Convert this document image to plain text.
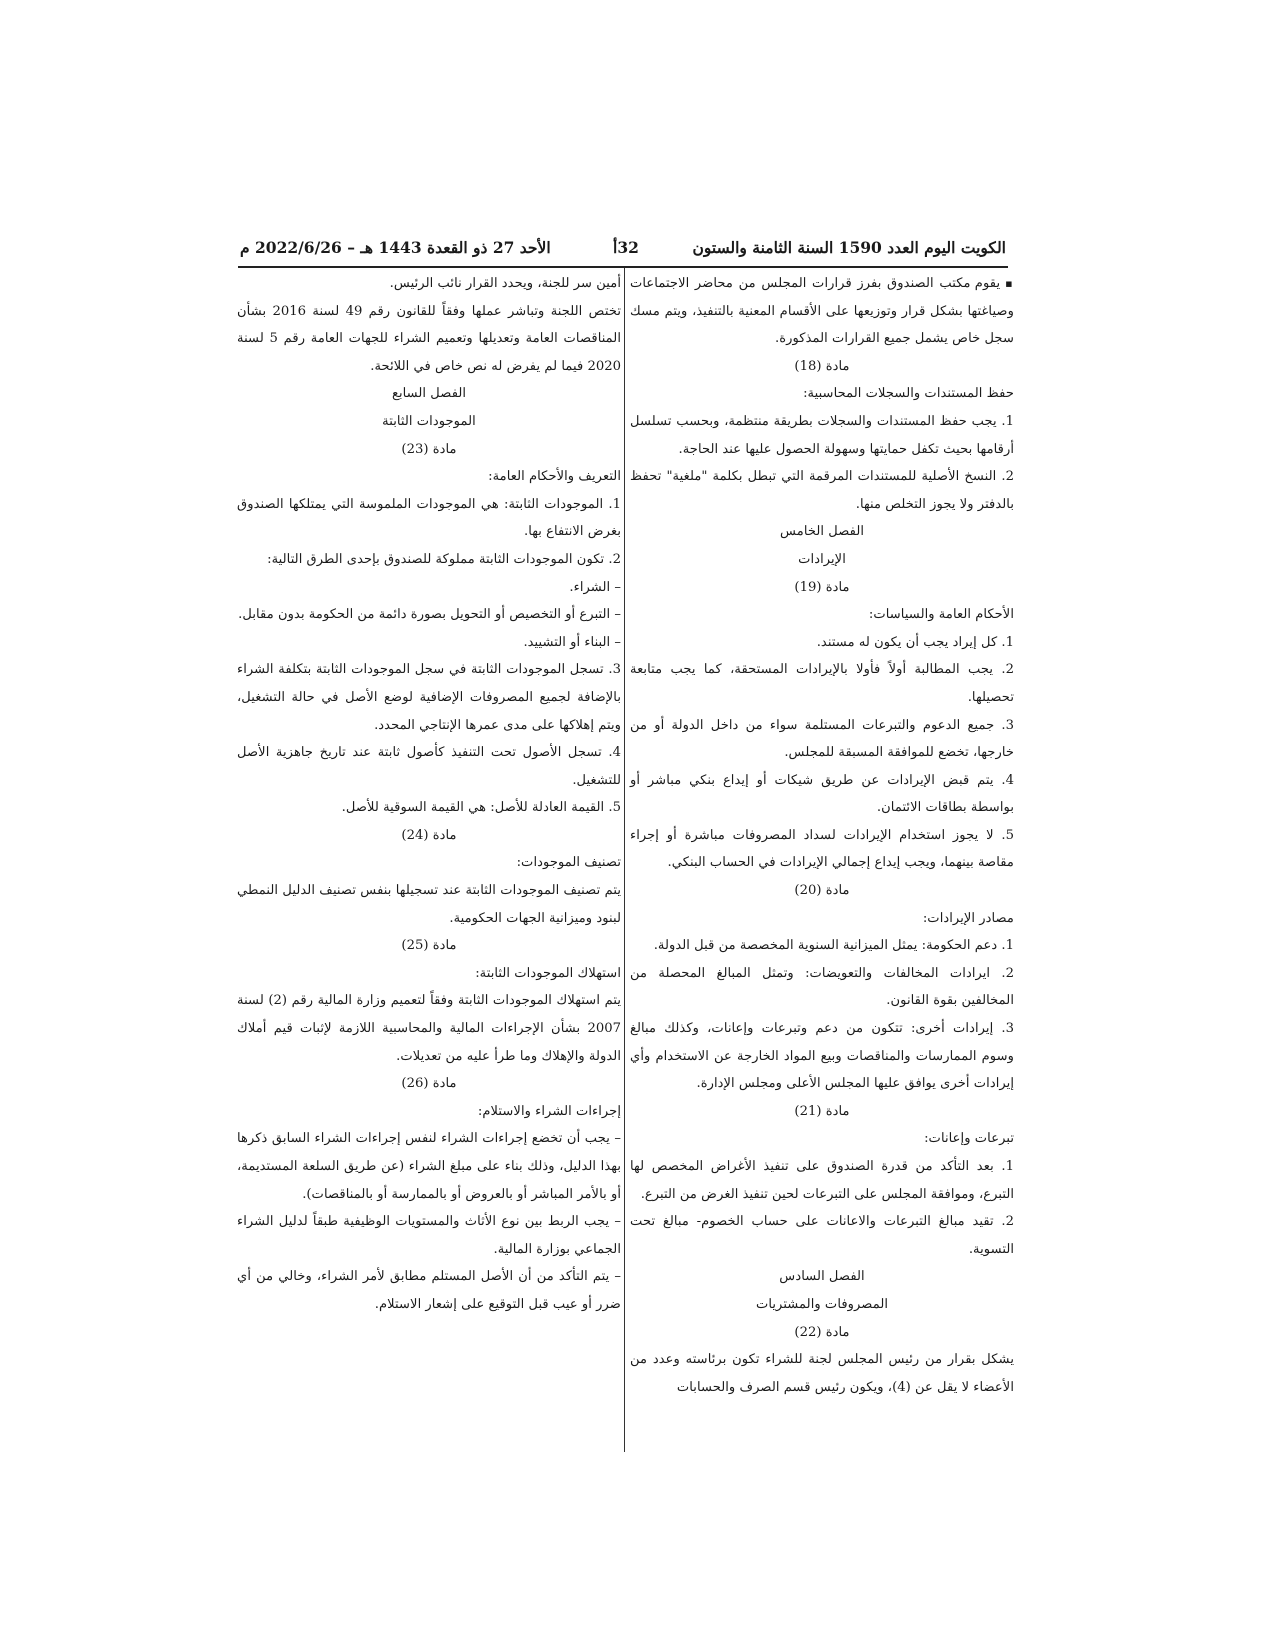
الكويت اليوم العدد 1590 السنة الثامنة والستون
32أ
الأحد 27 ذو القعدة 1443 هـ – 2022/6/26 م

▪ يقوم مكتب الصندوق بفرز قرارات المجلس من محاضر الاجتماعات وصياغتها بشكل قرار وتوزيعها على الأقسام المعنية بالتنفيذ، ويتم مسك سجل خاص يشمل جميع القرارات المذكورة.

مادة (18)

حفظ المستندات والسجلات المحاسبية:

1. يجب حفظ المستندات والسجلات بطريقة منتظمة، وبحسب تسلسل أرقامها بحيث تكفل حمايتها وسهولة الحصول عليها عند الحاجة.

2. النسخ الأصلية للمستندات المرقمة التي تبطل بكلمة "ملغية" تحفظ بالدفتر ولا يجوز التخلص منها.

الفصل الخامس

الإيرادات

مادة (19)

الأحكام العامة والسياسات:

1. كل إيراد يجب أن يكون له مستند.

2. يجب المطالبة أولاً فأولا بالإيرادات المستحقة، كما يجب متابعة تحصيلها.

3. جميع الدعوم والتبرعات المستلمة سواء من داخل الدولة أو من خارجها، تخضع للموافقة المسبقة للمجلس.

4. يتم قبض الإيرادات عن طريق شيكات أو إيداع بنكي مباشر أو بواسطة بطاقات الائتمان.

5. لا يجوز استخدام الإيرادات لسداد المصروفات مباشرة أو إجراء مقاصة بينهما، ويجب إيداع إجمالي الإيرادات في الحساب البنكي.

مادة (20)

مصادر الإيرادات:

1. دعم الحكومة: يمثل الميزانية السنوية المخصصة من قبل الدولة.

2. ايرادات المخالفات والتعويضات: وتمثل المبالغ المحصلة من المخالفين بقوة القانون.

3. إيرادات أخرى: تتكون من دعم وتبرعات وإعانات، وكذلك مبالغ وسوم الممارسات والمناقصات وبيع المواد الخارجة عن الاستخدام وأي إيرادات أخرى يوافق عليها المجلس الأعلى ومجلس الإدارة.

مادة (21)

تبرعات وإعانات:

1. بعد التأكد من قدرة الصندوق على تنفيذ الأغراض المخصص لها التبرع، وموافقة المجلس على التبرعات لحين تنفيذ الغرض من التبرع.

2. تقيد مبالغ التبرعات والاعانات على حساب الخصوم- مبالغ تحت التسوية.

الفصل السادس

المصروفات والمشتريات

مادة (22)

يشكل بقرار من رئيس المجلس لجنة للشراء تكون برئاسته وعدد من الأعضاء لا يقل عن (4)، ويكون رئيس قسم الصرف والحسابات

أمين سر للجنة، ويحدد القرار نائب الرئيس.

تختص اللجنة وتباشر عملها وفقاً للقانون رقم 49 لسنة 2016 بشأن المناقصات العامة وتعديلها وتعميم الشراء للجهات العامة رقم 5 لسنة 2020 فيما لم يفرض له نص خاص في اللائحة.

الفصل السابع

الموجودات الثابتة

مادة (23)

التعريف والأحكام العامة:

1. الموجودات الثابتة: هي الموجودات الملموسة التي يمتلكها الصندوق بغرض الانتفاع بها.

2. تكون الموجودات الثابتة مملوكة للصندوق بإحدى الطرق التالية:

– الشراء.

– التبرع أو التخصيص أو التحويل بصورة دائمة من الحكومة بدون مقابل.

– البناء أو التشييد.

3. تسجل الموجودات الثابتة في سجل الموجودات الثابتة بتكلفة الشراء بالإضافة لجميع المصروفات الإضافية لوضع الأصل في حالة التشغيل، ويتم إهلاكها على مدى عمرها الإنتاجي المحدد.

4. تسجل الأصول تحت التنفيذ كأصول ثابتة عند تاريخ جاهزية الأصل للتشغيل.

5. القيمة العادلة للأصل: هي القيمة السوقية للأصل.

مادة (24)

تصنيف الموجودات:

يتم تصنيف الموجودات الثابتة عند تسجيلها بنفس تصنيف الدليل النمطي لبنود وميزانية الجهات الحكومية.

مادة (25)

استهلاك الموجودات الثابتة:

يتم استهلاك الموجودات الثابتة وفقاً لتعميم وزارة المالية رقم (2) لسنة 2007 بشأن الإجراءات المالية والمحاسبية اللازمة لإثبات قيم أملاك الدولة والإهلاك وما طرأ عليه من تعديلات.

مادة (26)

إجراءات الشراء والاستلام:

– يجب أن تخضع إجراءات الشراء لنفس إجراءات الشراء السابق ذكرها بهذا الدليل، وذلك بناء على مبلغ الشراء (عن طريق السلعة المستديمة، أو بالأمر المباشر أو بالعروض أو بالممارسة أو بالمناقصات).

– يجب الربط بين نوع الأثاث والمستويات الوظيفية طبقاً لدليل الشراء الجماعي بوزارة المالية.

– يتم التأكد من أن الأصل المستلم مطابق لأمر الشراء، وخالي من أي ضرر أو عيب قبل التوقيع على إشعار الاستلام.
